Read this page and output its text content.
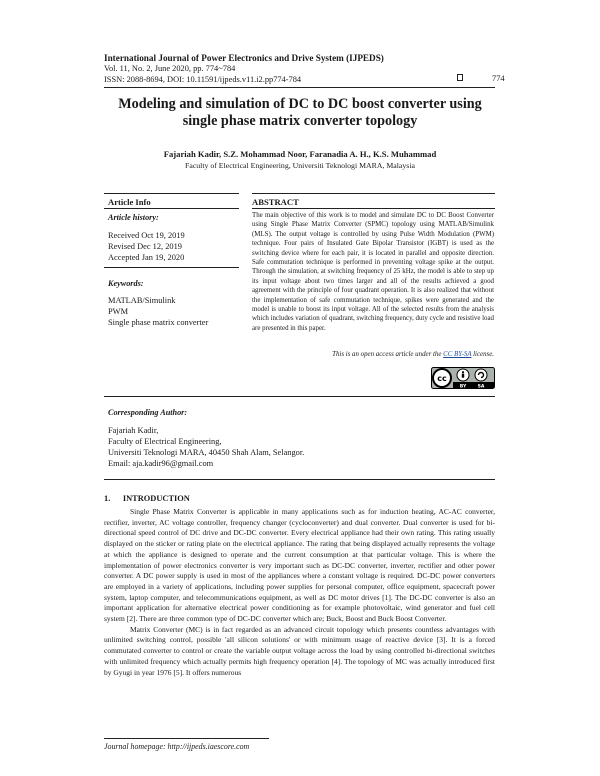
International Journal of Power Electronics and Drive System (IJPEDS)
Vol. 11, No. 2, June 2020, pp. 774~784
ISSN: 2088-8694, DOI: 10.11591/ijpeds.v11.i2.pp774-784	774
Modeling and simulation of DC to DC boost converter using
single phase matrix converter topology
Fajariah Kadir, S.Z. Mohammad Noor, Faranadia A. H., K.S. Muhammad
Faculty of Electrical Engineering, Universiti Teknologi MARA, Malaysia
Article Info	ABSTRACT
Article history:
Received Oct 19, 2019
Revised Dec 12, 2019
Accepted Jan 19, 2020
Keywords:
MATLAB/Simulink
PWM
Single phase matrix converter
The main objective of this work is to model and simulate DC to DC Boost Converter using Single Phase Matrix Converter (SPMC) topology using MATLAB/Simulink (MLS). The output voltage is controlled by using Pulse Width Modulation (PWM) technique. Four pairs of Insulated Gate Bipolar Transistor (IGBT) is used as the switching device where for each pair, it is located in parallel and opposite direction. Safe commutation technique is performed in preventing voltage spike at the output. Through the simulation, at switching frequency of 25 kHz, the model is able to step up its input voltage about two times larger and all of the results achieved a good agreement with the principle of four quadrant operation. It is also realized that without the implementation of safe commutation technique, spikes were generated and the model is unable to boost its input voltage. All of the selected results from the analysis which includes variation of quadrant, switching frequency, duty cycle and resistive load are presented in this paper.
This is an open access article under the CC BY-SA license.
cc
BY SA
Corresponding Author:
Fajariah Kadir,
Faculty of Electrical Engineering,
Universiti Teknologi MARA, 40450 Shah Alam, Selangor.
Email: aja.kadir96@gmail.com
1.      INTRODUCTION

Single Phase Matrix Converter is applicable in many applications such as for induction heating, AC-AC converter, rectifier, inverter, AC voltage controller, frequency changer (cycloconverter) and dual converter. Dual converter is used for bi-directional speed control of DC drive and DC-DC converter. Every electrical appliance had their own rating. This rating usually displayed on the sticker or rating plate on the electrical appliance. The rating that being displayed actually represents the voltage at which the appliance is designed to operate and the current consumption at that particular voltage. This is where the implementation of power electronics converter is very important such as DC-DC converter, inverter, rectifier and other power converter. A DC power supply is used in most of the appliances where a constant voltage is required. DC-DC power converters are employed in a variety of applications, including power supplies for personal computer, office equipment, spacecraft power system, laptop computer, and telecommunications equipment, as well as DC motor drives [1]. The DC-DC converter is also an important application for alternative electrical power conditioning as for example photovoltaic, wind generator and fuel cell system [2]. There are three common type of DC-DC converter which are; Buck, Boost and Buck Boost Converter.

Matrix Converter (MC) is in fact regarded as an advanced circuit topology which presents countless advantages with unlimited switching control, possible 'all silicon solutions' or with minimum usage of reactive device [3]. It is a forced commutated converter to control or create the variable output voltage across the load by using controlled bi-directional switches with unlimited frequency which actually permits high frequency operation [4]. The topology of MC was actually introduced first by Gyugi in year 1976 [5]. It offers numerous

Journal homepage: http://ijpeds.iaescore.com
